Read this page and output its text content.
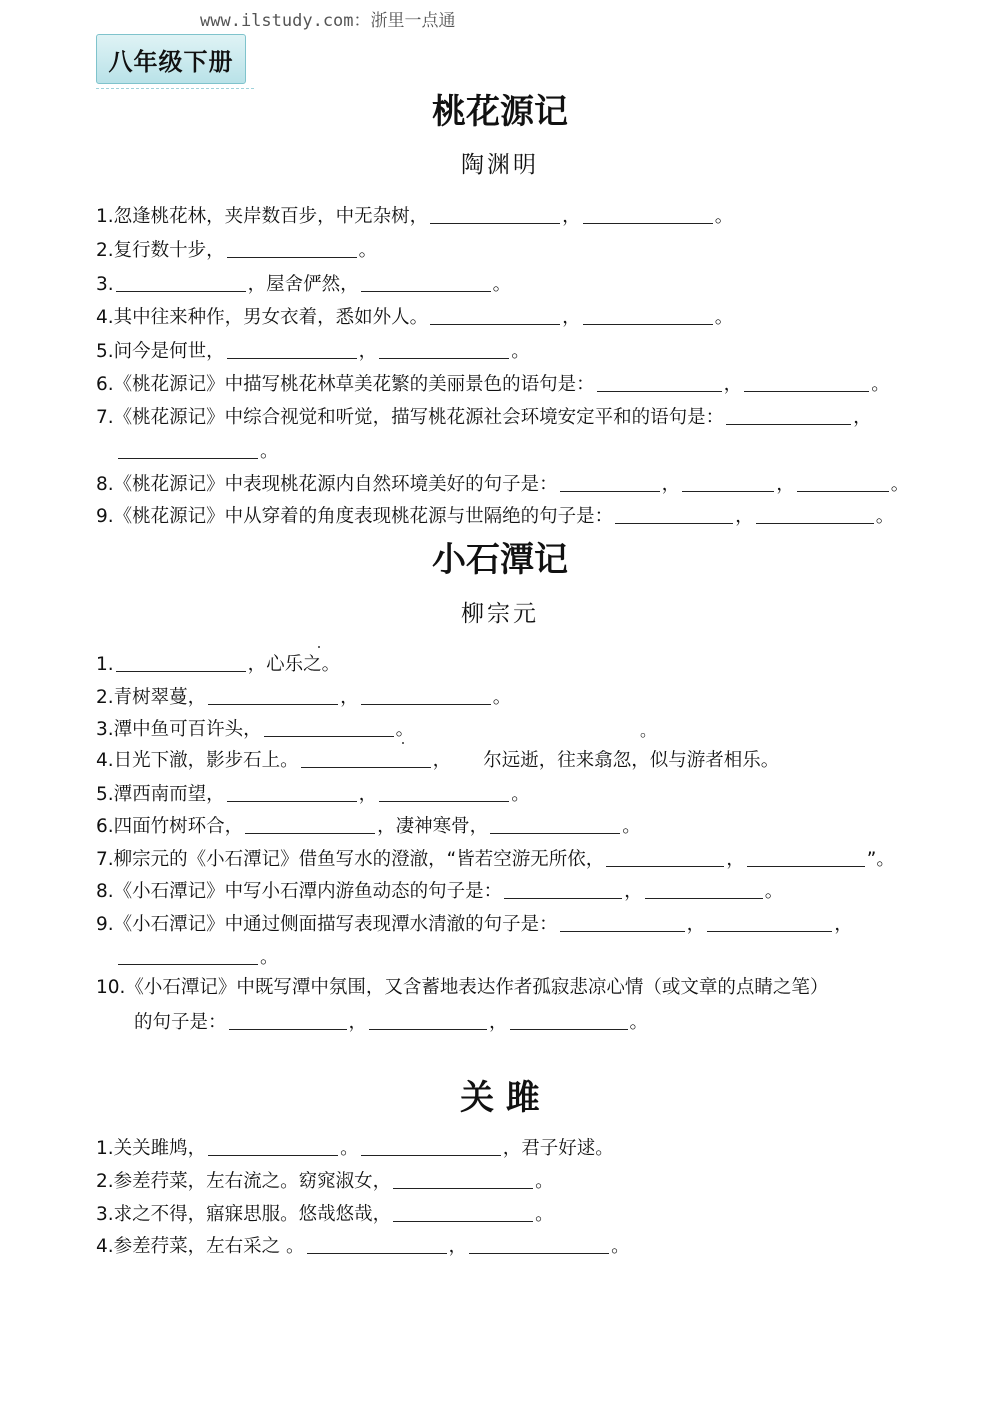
www.ilstudy.com：浙里一点通
八年级下册
桃花源记
陶渊明
1.忽逢桃花林，夹岸数百步，中无杂树，	，	。
2.复行数十步，	。
3.	，屋舍俨然，	。
4.其中往来种作，男女衣着，悉如外人。	，	。
5.问今是何世，	，	。
6.《桃花源记》中描写桃花林草美花繁的美丽景色的语句是：	，	。
7.《桃花源记》中综合视觉和听觉，描写桃花源社会环境安定平和的语句是：	，
。
8.《桃花源记》中表现桃花源内自然环境美好的句子是：	，	，	。
9.《桃花源记》中从穿着的角度表现桃花源与世隔绝的句子是：	，	。
小石潭记
柳宗元
1.	，心乐之。
2.青树翠蔓，	，	。
3.潭中鱼可百许头，	。	。
4.日光下澈，影步石上。	， 尔远逝，往来翕忽，似与游者相乐。
5.潭西南而望，	，	。
6.四面竹树环合，	，凄神寒骨，	。
7.柳宗元的《小石潭记》借鱼写水的澄澈，“皆若空游无所依，	，	”。
8.《小石潭记》中写小石潭内游鱼动态的句子是：	，	。
9.《小石潭记》中通过侧面描写表现潭水清澈的句子是：	，	，
。
10.《小石潭记》中既写潭中氛围，又含蓄地表达作者孤寂悲凉心情（或文章的点睛之笔）
的句子是：	，	，	。
关 雎
1.关关雎鸠，	。	，君子好逑。
2.参差荇菜，左右流之。窈窕淑女，	。
3.求之不得，寤寐思服。悠哉悠哉，	。
4.参差荇菜，左右采之 。	，	。
